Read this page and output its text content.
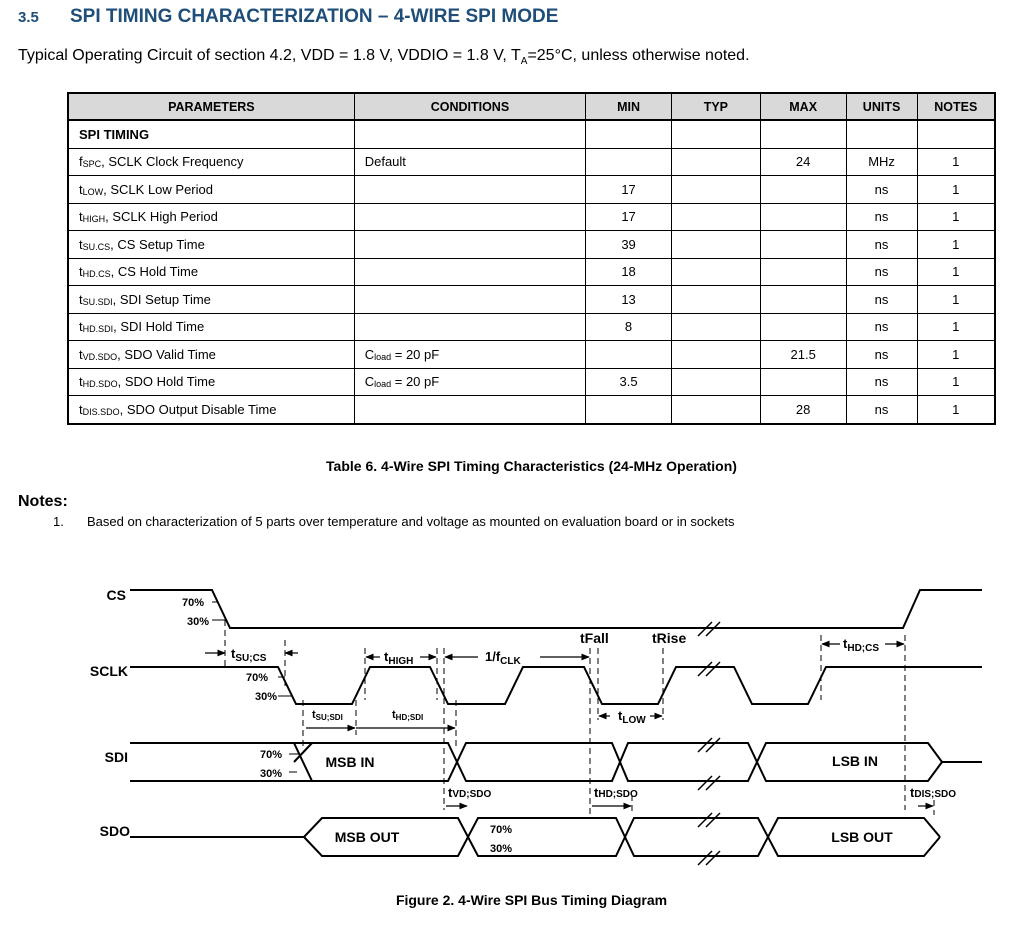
3.5 SPI TIMING CHARACTERIZATION – 4-WIRE SPI MODE
Typical Operating Circuit of section 4.2, VDD = 1.8 V, VDDIO = 1.8 V, $T_A=25^\circ C$, unless otherwise noted.
PARAMETERS	CONDITIONS	MIN	TYP	MAX	UNITS	NOTES
SPI TIMING						
$f_{SPC}$, SCLK Clock Frequency	Default			24	MHz	1
$t_{LOW}$, SCLK Low Period		17			ns	1
$t_{HIGH}$, SCLK High Period		17			ns	1
$t_{SU.CS}$, CS Setup Time		39			ns	1
$t_{HD.CS}$, CS Hold Time		18			ns	1
$t_{SU.SDI}$, SDI Setup Time		13			ns	1
$t_{HD.SDI}$, SDI Hold Time		8			ns	1
$t_{VD.SDO}$, SDO Valid Time	$C_{load} = 20$ pF			21.5	ns	1
$t_{HD.SDO}$, SDO Hold Time	$C_{load} = 20$ pF	3.5			ns	1
$t_{DIS.SDO}$, SDO Output Disable Time				28	ns	1
Table 6. 4-Wire SPI Timing Characteristics (24-MHz Operation)
Notes:
1. Based on characterization of 5 parts over temperature and voltage as mounted on evaluation board or in sockets
CS
SCLK
SDI
SDO
70%
30%
70%
30%
70%
30%
70%
30%
MSB IN	LSB IN
MSB OUT	LSB OUT
$t_{SU;CS}$	$t_{HIGH}$	$1/f_{CLK}$
tFall	tRise	$t_{HD;CS}$
$t_{LOW}$
tSU;SDI	tHD;SDI
tVD;SDO	tHD;SDO	tDIS;SDO
Figure 2. 4-Wire SPI Bus Timing Diagram
